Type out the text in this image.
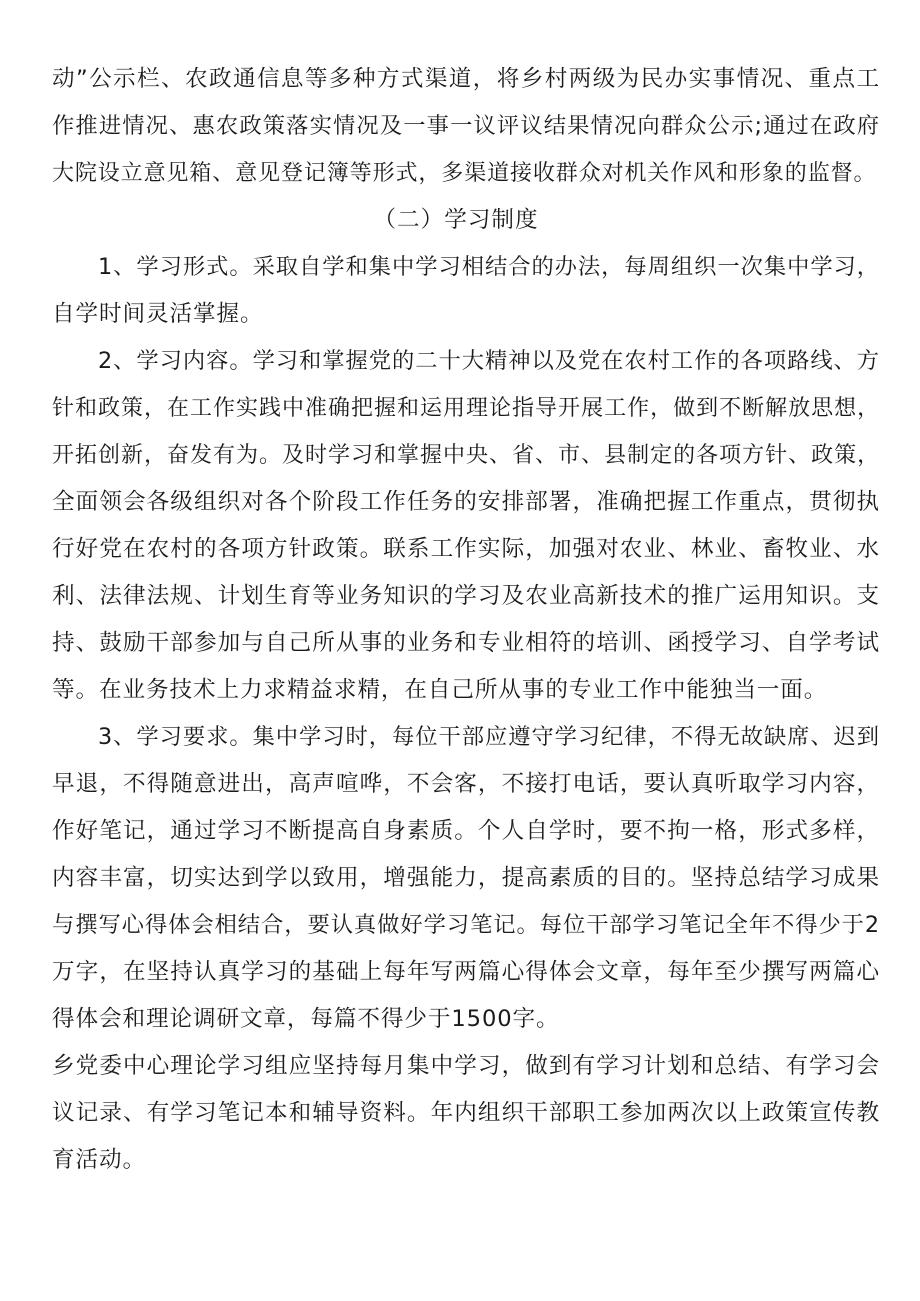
动”公示栏、农政通信息等多种方式渠道，将乡村两级为民办实事情况、重点工
作推进情况、惠农政策落实情况及一事一议评议结果情况向群众公示;通过在政府
大院设立意见箱、意见登记簿等形式，多渠道接收群众对机关作风和形象的监督。
（二）学习制度
1、学习形式。采取自学和集中学习相结合的办法，每周组织一次集中学习，
自学时间灵活掌握。
2、学习内容。学习和掌握党的二十大精神以及党在农村工作的各项路线、方
针和政策，在工作实践中准确把握和运用理论指导开展工作，做到不断解放思想，
开拓创新，奋发有为。及时学习和掌握中央、省、市、县制定的各项方针、政策，
全面领会各级组织对各个阶段工作任务的安排部署，准确把握工作重点，贯彻执
行好党在农村的各项方针政策。联系工作实际，加强对农业、林业、畜牧业、水
利、法律法规、计划生育等业务知识的学习及农业高新技术的推广运用知识。支
持、鼓励干部参加与自己所从事的业务和专业相符的培训、函授学习、自学考试
等。在业务技术上力求精益求精，在自己所从事的专业工作中能独当一面。
3、学习要求。集中学习时，每位干部应遵守学习纪律，不得无故缺席、迟到
早退，不得随意进出，高声喧哗，不会客，不接打电话，要认真听取学习内容，
作好笔记，通过学习不断提高自身素质。个人自学时，要不拘一格，形式多样，
内容丰富，切实达到学以致用，增强能力，提高素质的目的。坚持总结学习成果
与撰写心得体会相结合，要认真做好学习笔记。每位干部学习笔记全年不得少于2
万字，在坚持认真学习的基础上每年写两篇心得体会文章，每年至少撰写两篇心
得体会和理论调研文章，每篇不得少于1500字。
乡党委中心理论学习组应坚持每月集中学习，做到有学习计划和总结、有学习会
议记录、有学习笔记本和辅导资料。年内组织干部职工参加两次以上政策宣传教
育活动。
